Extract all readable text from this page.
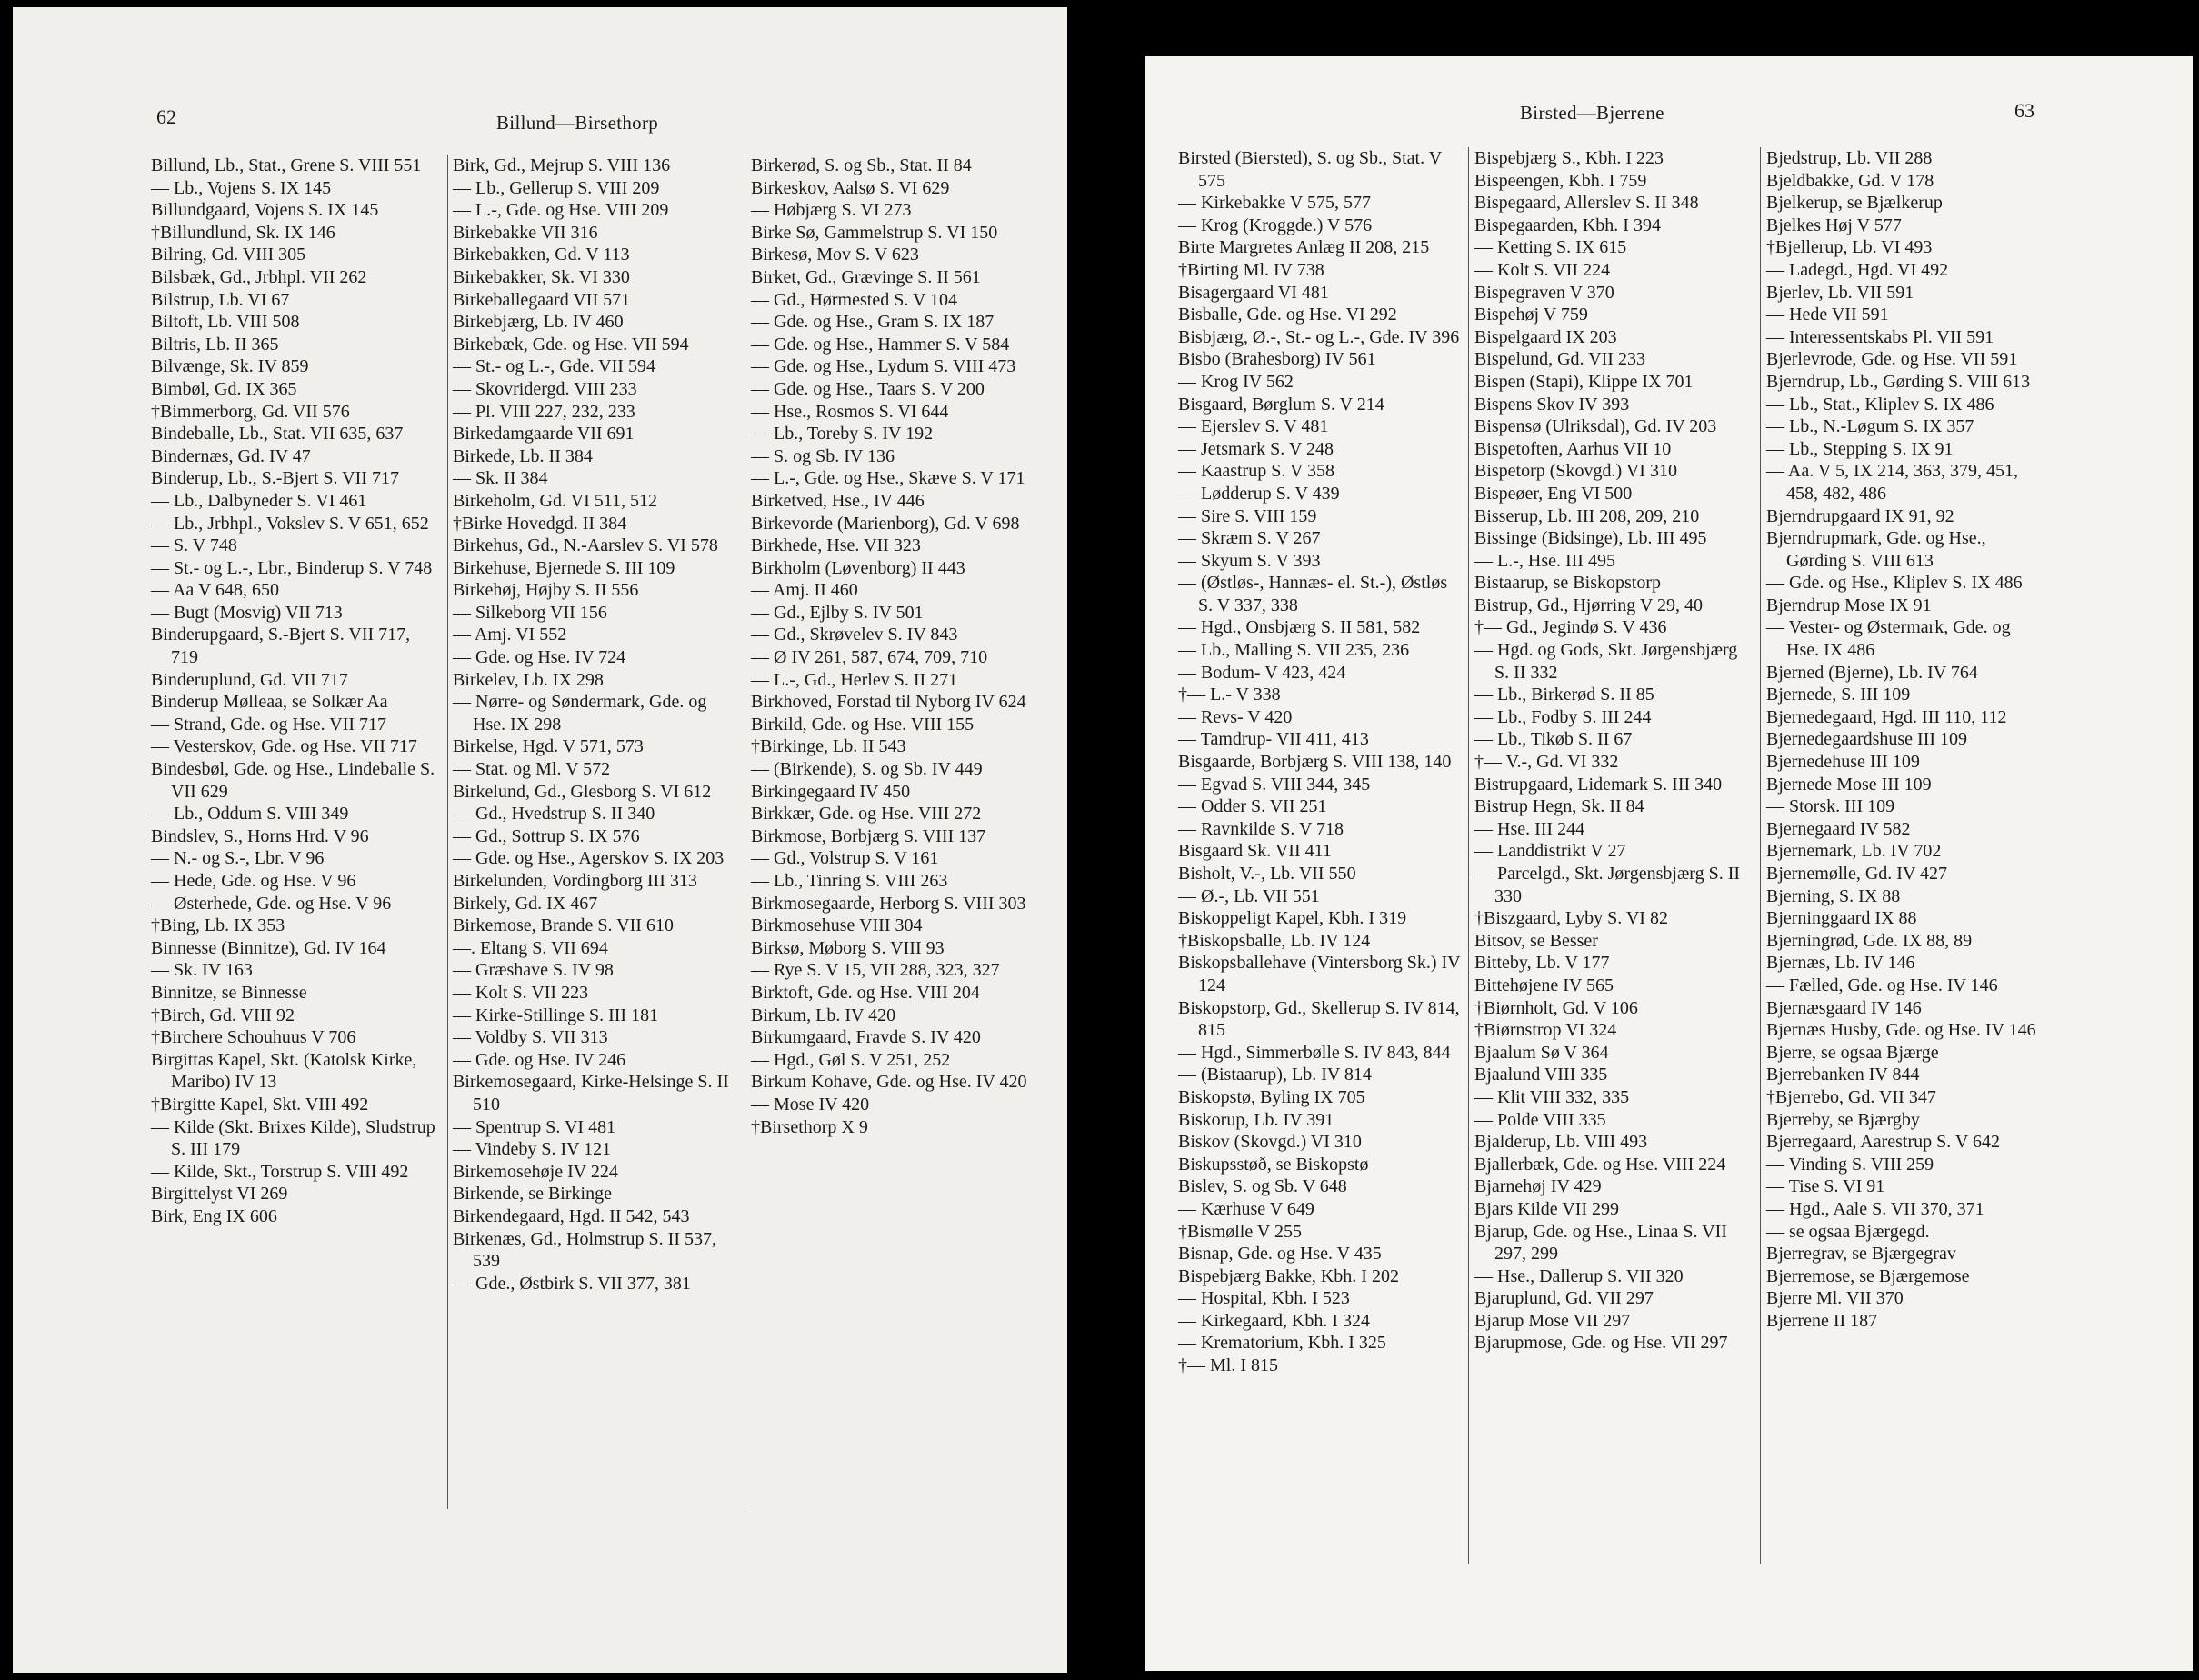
62	Billund—Birsethorp

Billund, Lb., Stat., Grene S. VIII 551

— Lb., Vojens S. IX 145

Billundgaard, Vojens S. IX 145

†Billundlund, Sk. IX 146

Bilring, Gd. VIII 305

Bilsbæk, Gd., Jrbhpl. VII 262

Bilstrup, Lb. VI 67

Biltoft, Lb. VIII 508

Biltris, Lb. II 365

Bilvænge, Sk. IV 859

Bimbøl, Gd. IX 365

†Bimmerborg, Gd. VII 576

Bindeballe, Lb., Stat. VII 635, 637

Bindernæs, Gd. IV 47

Binderup, Lb., S.-Bjert S. VII 717

— Lb., Dalbyneder S. VI 461

— Lb., Jrbhpl., Vokslev S. V 651, 652

— S. V 748

— St.- og L.-, Lbr., Binderup S. V 748

— Aa V 648, 650

— Bugt (Mosvig) VII 713

Binderupgaard, S.-Bjert S. VII 717, 719

Binderuplund, Gd. VII 717

Binderup Mølleaa, se Solkær Aa

— Strand, Gde. og Hse. VII 717

— Vesterskov, Gde. og Hse. VII 717

Bindesbøl, Gde. og Hse., Lindeballe S. VII 629

— Lb., Oddum S. VIII 349

Bindslev, S., Horns Hrd. V 96

— N.- og S.-, Lbr. V 96

— Hede, Gde. og Hse. V 96

— Østerhede, Gde. og Hse. V 96

†Bing, Lb. IX 353

Binnesse (Binnitze), Gd. IV 164

— Sk. IV 163

Binnitze, se Binnesse

†Birch, Gd. VIII 92

†Birchere Schouhuus V 706

Birgittas Kapel, Skt. (Katolsk Kirke, Maribo) IV 13

†Birgitte Kapel, Skt. VIII 492

— Kilde (Skt. Brixes Kilde), Sludstrup S. III 179

— Kilde, Skt., Torstrup S. VIII 492

Birgittelyst VI 269

Birk, Eng IX 606

Birk, Gd., Mejrup S. VIII 136

— Lb., Gellerup S. VIII 209

— L.-, Gde. og Hse. VIII 209

Birkebakke VII 316

Birkebakken, Gd. V 113

Birkebakker, Sk. VI 330

Birkeballegaard VII 571

Birkebjærg, Lb. IV 460

Birkebæk, Gde. og Hse. VII 594

— St.- og L.-, Gde. VII 594

— Skovridergd. VIII 233

— Pl. VIII 227, 232, 233

Birkedamgaarde VII 691

Birkede, Lb. II 384

— Sk. II 384

Birkeholm, Gd. VI 511, 512

†Birke Hovedgd. II 384

Birkehus, Gd., N.-Aarslev S. VI 578

Birkehuse, Bjernede S. III 109

Birkehøj, Højby S. II 556

— Silkeborg VII 156

— Amj. VI 552

— Gde. og Hse. IV 724

Birkelev, Lb. IX 298

— Nørre- og Søndermark, Gde. og Hse. IX 298

Birkelse, Hgd. V 571, 573

— Stat. og Ml. V 572

Birkelund, Gd., Glesborg S. VI 612

— Gd., Hvedstrup S. II 340

— Gd., Sottrup S. IX 576

— Gde. og Hse., Agerskov S. IX 203

Birkelunden, Vordingborg III 313

Birkely, Gd. IX 467

Birkemose, Brande S. VII 610

—. Eltang S. VII 694

— Græshave S. IV 98

— Kolt S. VII 223

— Kirke-Stillinge S. III 181

— Voldby S. VII 313

— Gde. og Hse. IV 246

Birkemosegaard, Kirke-Helsinge S. II 510

— Spentrup S. VI 481

— Vindeby S. IV 121

Birkemosehøje IV 224

Birkende, se Birkinge

Birkendegaard, Hgd. II 542, 543

Birkenæs, Gd., Holmstrup S. II 537, 539

— Gde., Østbirk S. VII 377, 381

Birkerød, S. og Sb., Stat. II 84

Birkeskov, Aalsø S. VI 629

— Høbjærg S. VI 273

Birke Sø, Gammelstrup S. VI 150

Birkesø, Mov S. V 623

Birket, Gd., Grævinge S. II 561

— Gd., Hørmested S. V 104

— Gde. og Hse., Gram S. IX 187

— Gde. og Hse., Hammer S. V 584

— Gde. og Hse., Lydum S. VIII 473

— Gde. og Hse., Taars S. V 200

— Hse., Rosmos S. VI 644

— Lb., Toreby S. IV 192

— S. og Sb. IV 136

— L.-, Gde. og Hse., Skæve S. V 171

Birketved, Hse., IV 446

Birkevorde (Marienborg), Gd. V 698

Birkhede, Hse. VII 323

Birkholm (Løvenborg) II 443

— Amj. II 460

— Gd., Ejlby S. IV 501

— Gd., Skrøvelev S. IV 843

— Ø IV 261, 587, 674, 709, 710

— L.-, Gd., Herlev S. II 271

Birkhoved, Forstad til Nyborg IV 624

Birkild, Gde. og Hse. VIII 155

†Birkinge, Lb. II 543

— (Birkende), S. og Sb. IV 449

Birkingegaard IV 450

Birkkær, Gde. og Hse. VIII 272

Birkmose, Borbjærg S. VIII 137

— Gd., Volstrup S. V 161

— Lb., Tinring S. VIII 263

Birkmosegaarde, Herborg S. VIII 303

Birkmosehuse VIII 304

Birksø, Møborg S. VIII 93

— Rye S. V 15, VII 288, 323, 327

Birktoft, Gde. og Hse. VIII 204

Birkum, Lb. IV 420

Birkumgaard, Fravde S. IV 420

— Hgd., Gøl S. V 251, 252

Birkum Kohave, Gde. og Hse. IV 420

— Mose IV 420

†Birsethorp X 9

Birsted—Bjerrene	63

Birsted (Biersted), S. og Sb., Stat. V 575

— Kirkebakke V 575, 577

— Krog (Kroggde.) V 576

Birte Margretes Anlæg II 208, 215

†Birting Ml. IV 738

Bisagergaard VI 481

Bisballe, Gde. og Hse. VI 292

Bisbjærg, Ø.-, St.- og L.-, Gde. IV 396

Bisbo (Brahesborg) IV 561

— Krog IV 562

Bisgaard, Børglum S. V 214

— Ejerslev S. V 481

— Jetsmark S. V 248

— Kaastrup S. V 358

— Lødderup S. V 439

— Sire S. VIII 159

— Skræm S. V 267

— Skyum S. V 393

— (Østløs-, Hannæs- el. St.-), Østløs S. V 337, 338

— Hgd., Onsbjærg S. II 581, 582

— Lb., Malling S. VII 235, 236

— Bodum- V 423, 424

†— L.- V 338

— Revs- V 420

— Tamdrup- VII 411, 413

Bisgaarde, Borbjærg S. VIII 138, 140

— Egvad S. VIII 344, 345

— Odder S. VII 251

— Ravnkilde S. V 718

Bisgaard Sk. VII 411

Bisholt, V.-, Lb. VII 550

— Ø.-, Lb. VII 551

Biskoppeligt Kapel, Kbh. I 319

†Biskopsballe, Lb. IV 124

Biskopsballehave (Vintersborg Sk.) IV 124

Biskopstorp, Gd., Skellerup S. IV 814, 815

— Hgd., Simmerbølle S. IV 843, 844

— (Bistaarup), Lb. IV 814

Biskopstø, Byling IX 705

Biskorup, Lb. IV 391

Biskov (Skovgd.) VI 310

Biskupsstøð, se Biskopstø

Bislev, S. og Sb. V 648

— Kærhuse V 649

†Bismølle V 255

Bisnap, Gde. og Hse. V 435

Bispebjærg Bakke, Kbh. I 202

— Hospital, Kbh. I 523

— Kirkegaard, Kbh. I 324

— Krematorium, Kbh. I 325

†— Ml. I 815

Bispebjærg S., Kbh. I 223

Bispeengen, Kbh. I 759

Bispegaard, Allerslev S. II 348

Bispegaarden, Kbh. I 394

— Ketting S. IX 615

— Kolt S. VII 224

Bispegraven V 370

Bispehøj V 759

Bispelgaard IX 203

Bispelund, Gd. VII 233

Bispen (Stapi), Klippe IX 701

Bispens Skov IV 393

Bispensø (Ulriksdal), Gd. IV 203

Bispetoften, Aarhus VII 10

Bispetorp (Skovgd.) VI 310

Bispeøer, Eng VI 500

Bisserup, Lb. III 208, 209, 210

Bissinge (Bidsinge), Lb. III 495

— L.-, Hse. III 495

Bistaarup, se Biskopstorp

Bistrup, Gd., Hjørring V 29, 40

†— Gd., Jegindø S. V 436

— Hgd. og Gods, Skt. Jørgensbjærg S. II 332

— Lb., Birkerød S. II 85

— Lb., Fodby S. III 244

— Lb., Tikøb S. II 67

†— V.-, Gd. VI 332

Bistrupgaard, Lidemark S. III 340

Bistrup Hegn, Sk. II 84

— Hse. III 244

— Landdistrikt V 27

— Parcelgd., Skt. Jørgensbjærg S. II 330

†Biszgaard, Lyby S. VI 82

Bitsov, se Besser

Bitteby, Lb. V 177

Bittehøjene IV 565

†Biørnholt, Gd. V 106

†Biørnstrop VI 324

Bjaalum Sø V 364

Bjaalund VIII 335

— Klit VIII 332, 335

— Polde VIII 335

Bjalderup, Lb. VIII 493

Bjallerbæk, Gde. og Hse. VIII 224

Bjarnehøj IV 429

Bjars Kilde VII 299

Bjarup, Gde. og Hse., Linaa S. VII 297, 299

— Hse., Dallerup S. VII 320

Bjaruplund, Gd. VII 297

Bjarup Mose VII 297

Bjarupmose, Gde. og Hse. VII 297

Bjedstrup, Lb. VII 288

Bjeldbakke, Gd. V 178

Bjelkerup, se Bjælkerup

Bjelkes Høj V 577

†Bjellerup, Lb. VI 493

— Ladegd., Hgd. VI 492

Bjerlev, Lb. VII 591

— Hede VII 591

— Interessentskabs Pl. VII 591

Bjerlevrode, Gde. og Hse. VII 591

Bjerndrup, Lb., Gørding S. VIII 613

— Lb., Stat., Kliplev S. IX 486

— Lb., N.-Løgum S. IX 357

— Lb., Stepping S. IX 91

— Aa. V 5, IX 214, 363, 379, 451, 458, 482, 486

Bjerndrupgaard IX 91, 92

Bjerndrupmark, Gde. og Hse., Gørding S. VIII 613

— Gde. og Hse., Kliplev S. IX 486

Bjerndrup Mose IX 91

— Vester- og Østermark, Gde. og Hse. IX 486

Bjerned (Bjerne), Lb. IV 764

Bjernede, S. III 109

Bjernedegaard, Hgd. III 110, 112

Bjernedegaardshuse III 109

Bjernedehuse III 109

Bjernede Mose III 109

— Storsk. III 109

Bjernegaard IV 582

Bjernemark, Lb. IV 702

Bjernemølle, Gd. IV 427

Bjerning, S. IX 88

Bjerninggaard IX 88

Bjerningrød, Gde. IX 88, 89

Bjernæs, Lb. IV 146

— Fælled, Gde. og Hse. IV 146

Bjernæsgaard IV 146

Bjernæs Husby, Gde. og Hse. IV 146

Bjerre, se ogsaa Bjærge

Bjerrebanken IV 844

†Bjerrebo, Gd. VII 347

Bjerreby, se Bjærgby

Bjerregaard, Aarestrup S. V 642

— Vinding S. VIII 259

— Tise S. VI 91

— Hgd., Aale S. VII 370, 371

— se ogsaa Bjærgegd.

Bjerregrav, se Bjærgegrav

Bjerremose, se Bjærgemose

Bjerre Ml. VII 370

Bjerrene II 187
